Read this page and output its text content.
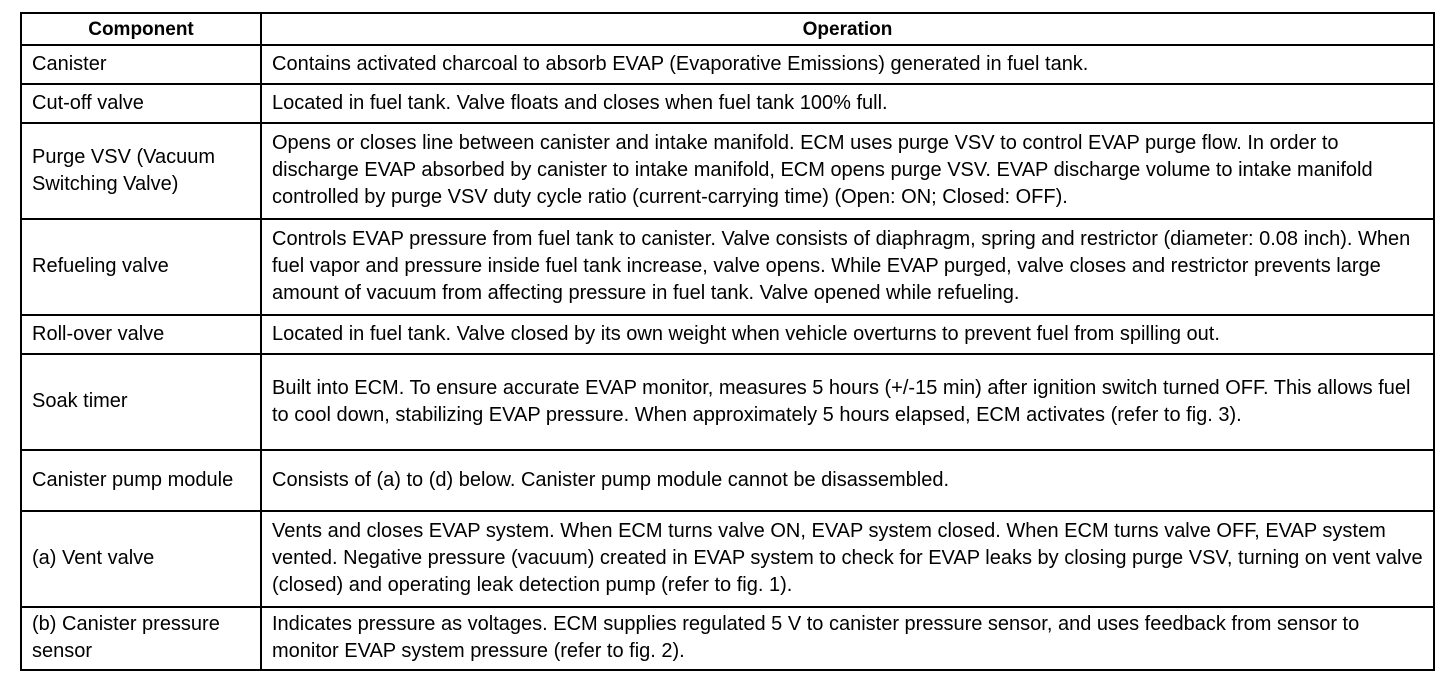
Component	Operation
Canister	Contains activated charcoal to absorb EVAP (Evaporative Emissions) generated in fuel tank.
Cut-off valve	Located in fuel tank. Valve floats and closes when fuel tank 100% full.
Purge VSV (Vacuum Switching Valve)	Opens or closes line between canister and intake manifold. ECM uses purge VSV to control EVAP purge flow. In order to discharge EVAP absorbed by canister to intake manifold, ECM opens purge VSV. EVAP discharge volume to intake manifold controlled by purge VSV duty cycle ratio (current-carrying time) (Open: ON; Closed: OFF).
Refueling valve	Controls EVAP pressure from fuel tank to canister. Valve consists of diaphragm, spring and restrictor (diameter: 0.08 inch). When fuel vapor and pressure inside fuel tank increase, valve opens. While EVAP purged, valve closes and restrictor prevents large amount of vacuum from affecting pressure in fuel tank. Valve opened while refueling.
Roll-over valve	Located in fuel tank. Valve closed by its own weight when vehicle overturns to prevent fuel from spilling out.
Soak timer	Built into ECM. To ensure accurate EVAP monitor, measures 5 hours (+/-15 min) after ignition switch turned OFF. This allows fuel to cool down, stabilizing EVAP pressure. When approximately 5 hours elapsed, ECM activates (refer to fig. 3).
Canister pump module	Consists of (a) to (d) below. Canister pump module cannot be disassembled.
(a) Vent valve	Vents and closes EVAP system. When ECM turns valve ON, EVAP system closed. When ECM turns valve OFF, EVAP system vented. Negative pressure (vacuum) created in EVAP system to check for EVAP leaks by closing purge VSV, turning on vent valve (closed) and operating leak detection pump (refer to fig. 1).
(b) Canister pressure sensor	Indicates pressure as voltages. ECM supplies regulated 5 V to canister pressure sensor, and uses feedback from sensor to monitor EVAP system pressure (refer to fig. 2).
